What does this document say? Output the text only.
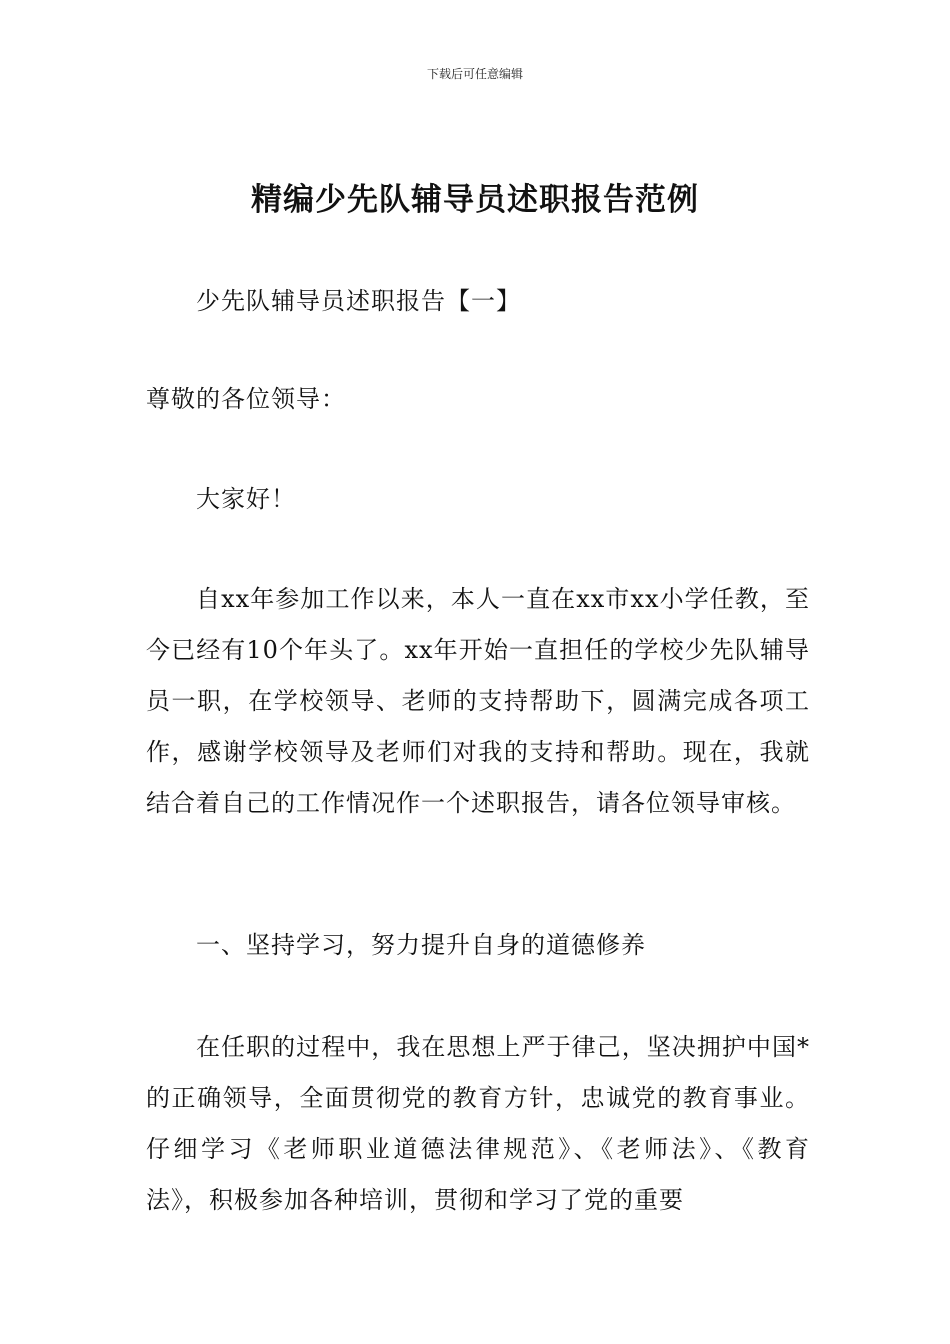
下载后可任意编辑
精编少先队辅导员述职报告范例

少先队辅导员述职报告【一】

尊敬的各位领导：

大家好！

自xx年参加工作以来，本人一直在xx市xx小学任教，至今已经有10个年头了。xx年开始一直担任的学校少先队辅导员一职，在学校领导、老师的支持帮助下，圆满完成各项工作，感谢学校领导及老师们对我的支持和帮助。现在，我就结合着自己的工作情况作一个述职报告，请各位领导审核。

一、坚持学习，努力提升自身的道德修养

在任职的过程中，我在思想上严于律己，坚决拥护中国*的正确领导，全面贯彻党的教育方针，忠诚党的教育事业。仔细学习《老师职业道德法律规范》、《老师法》、《教育法》，积极参加各种培训，贯彻和学习了党的重要
